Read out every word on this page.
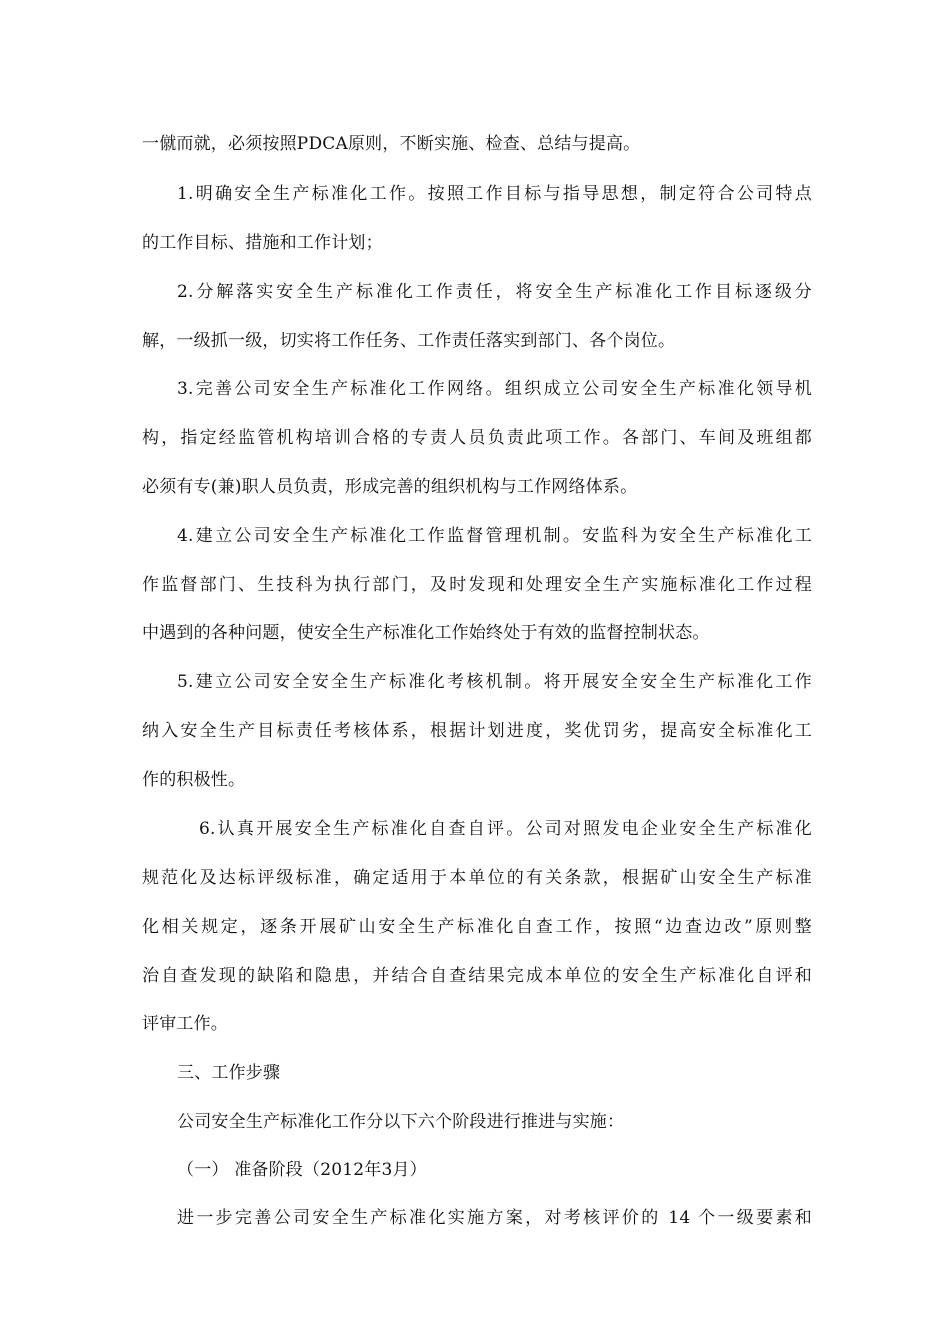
一僦而就，必须按照PDCA原则，不断实施、检查、总结与提高。
1.明确安全生产标准化工作。按照工作目标与指导思想，制定符合公司特点
的工作目标、措施和工作计划；
2.分解落实安全生产标准化工作责任，将安全生产标准化工作目标逐级分
解，一级抓一级，切实将工作任务、工作责任落实到部门、各个岗位。
3.完善公司安全生产标准化工作网络。组织成立公司安全生产标准化领导机
构，指定经监管机构培训合格的专责人员负责此项工作。各部门、车间及班组都
必须有专(兼)职人员负责，形成完善的组织机构与工作网络体系。
4.建立公司安全生产标准化工作监督管理机制。安监科为安全生产标准化工
作监督部门、生技科为执行部门，及时发现和处理安全生产实施标准化工作过程
中遇到的各种问题，使安全生产标准化工作始终处于有效的监督控制状态。
5.建立公司安全安全生产标准化考核机制。将开展安全安全生产标准化工作
纳入安全生产目标责任考核体系，根据计划进度，奖优罚劣，提高安全标准化工
作的积极性。
6.认真开展安全生产标准化自查自评。公司对照发电企业安全生产标准化
规范化及达标评级标准，确定适用于本单位的有关条款，根据矿山安全生产标准
化相关规定，逐条开展矿山安全生产标准化自查工作，按照“边查边改”原则整
治自查发现的缺陷和隐患，并结合自查结果完成本单位的安全生产标准化自评和
评审工作。
三、工作步骤
公司安全生产标准化工作分以下六个阶段进行推进与实施：
（一） 准备阶段（2012年3月）
进一步完善公司安全生产标准化实施方案，对考核评价的 14 个一级要素和
